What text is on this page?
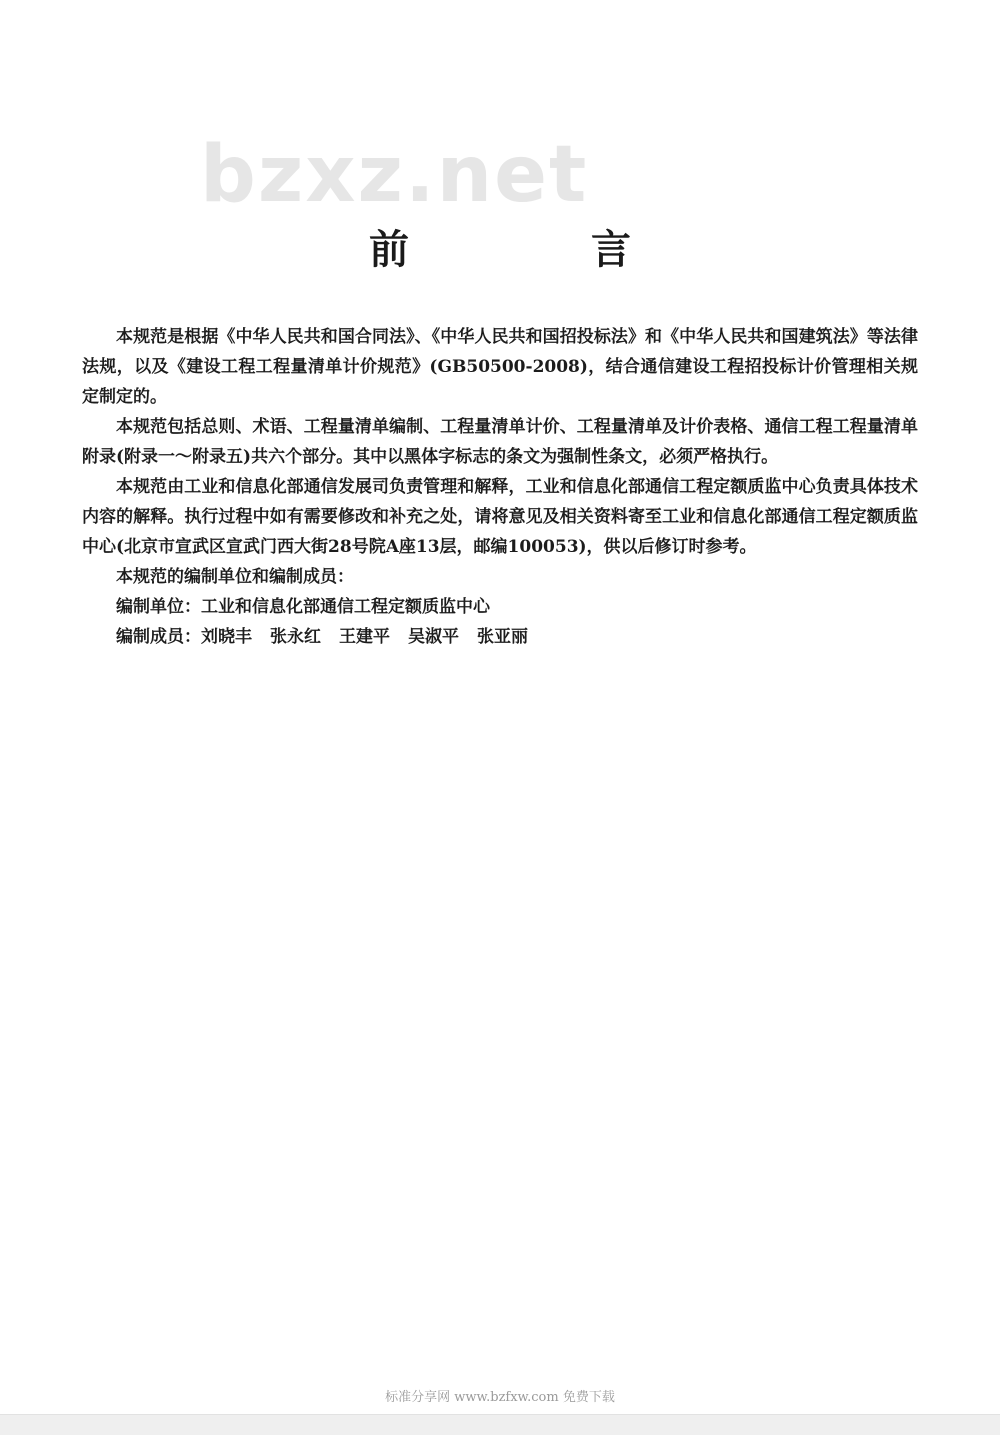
bzxz.net
前 言

本规范是根据《中华人民共和国合同法》、《中华人民共和国招投标法》和《中华人民共和国建筑法》等法律法规，以及《建设工程工程量清单计价规范》(GB50500-2008)，结合通信建设工程招投标计价管理相关规定制定的。

本规范包括总则、术语、工程量清单编制、工程量清单计价、工程量清单及计价表格、通信工程工程量清单附录(附录一～附录五)共六个部分。其中以黑体字标志的条文为强制性条文，必须严格执行。

本规范由工业和信息化部通信发展司负责管理和解释，工业和信息化部通信工程定额质监中心负责具体技术内容的解释。执行过程中如有需要修改和补充之处，请将意见及相关资料寄至工业和信息化部通信工程定额质监中心(北京市宣武区宣武门西大街28号院A座13层，邮编100053)，供以后修订时参考。

本规范的编制单位和编制成员：

编制单位：工业和信息化部通信工程定额质监中心

编制成员：刘晓丰 张永红 王建平 吴淑平 张亚丽

标准分享网 www.bzfxw.com 免费下载
